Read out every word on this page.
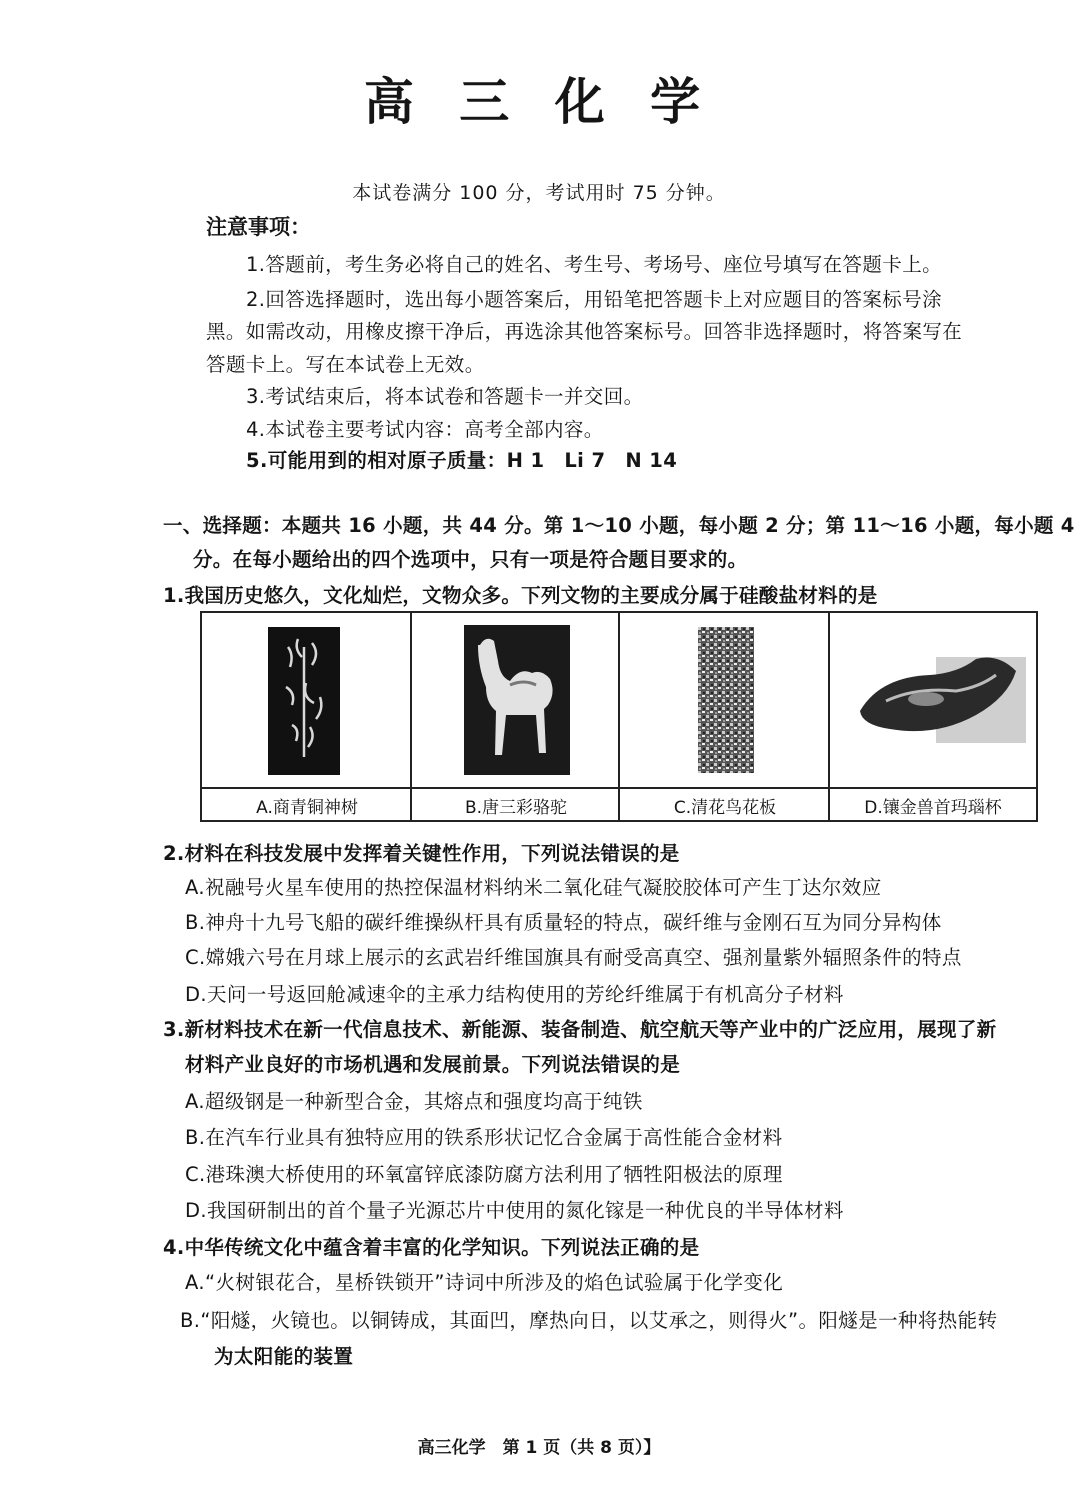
高 三 化 学
本试卷满分 100 分，考试用时 75 分钟。
注意事项：
1.答题前，考生务必将自己的姓名、考生号、考场号、座位号填写在答题卡上。
2.回答选择题时，选出每小题答案后，用铅笔把答题卡上对应题目的答案标号涂
黑。如需改动，用橡皮擦干净后，再选涂其他答案标号。回答非选择题时，将答案写在
答题卡上。写在本试卷上无效。
3.考试结束后，将本试卷和答题卡一并交回。
4.本试卷主要考试内容：高考全部内容。
5.可能用到的相对原子质量：H 1　Li 7　N 14
一、选择题：本题共 16 小题，共 44 分。第 1～10 小题，每小题 2 分；第 11～16 小题，每小题 4
分。在每小题给出的四个选项中，只有一项是符合题目要求的。
1.我国历史悠久，文化灿烂，文物众多。下列文物的主要成分属于硅酸盐材料的是
A.商青铜神树	B.唐三彩骆驼	C.清花鸟花板	D.镶金兽首玛瑙杯
2.材料在科技发展中发挥着关键性作用，下列说法错误的是
A.祝融号火星车使用的热控保温材料纳米二氧化硅气凝胶胶体可产生丁达尔效应
B.神舟十九号飞船的碳纤维操纵杆具有质量轻的特点，碳纤维与金刚石互为同分异构体
C.嫦娥六号在月球上展示的玄武岩纤维国旗具有耐受高真空、强剂量紫外辐照条件的特点
D.天问一号返回舱减速伞的主承力结构使用的芳纶纤维属于有机高分子材料
3.新材料技术在新一代信息技术、新能源、装备制造、航空航天等产业中的广泛应用，展现了新
材料产业良好的市场机遇和发展前景。下列说法错误的是
A.超级钢是一种新型合金，其熔点和强度均高于纯铁
B.在汽车行业具有独特应用的铁系形状记忆合金属于高性能合金材料
C.港珠澳大桥使用的环氧富锌底漆防腐方法利用了牺牲阳极法的原理
D.我国研制出的首个量子光源芯片中使用的氮化镓是一种优良的半导体材料
4.中华传统文化中蕴含着丰富的化学知识。下列说法正确的是
A.“火树银花合，星桥铁锁开”诗词中所涉及的焰色试验属于化学变化
B.“阳燧，火镜也。以铜铸成，其面凹，摩热向日，以艾承之，则得火”。阳燧是一种将热能转
为太阳能的装置
高三化学　第 1 页（共 8 页）】
